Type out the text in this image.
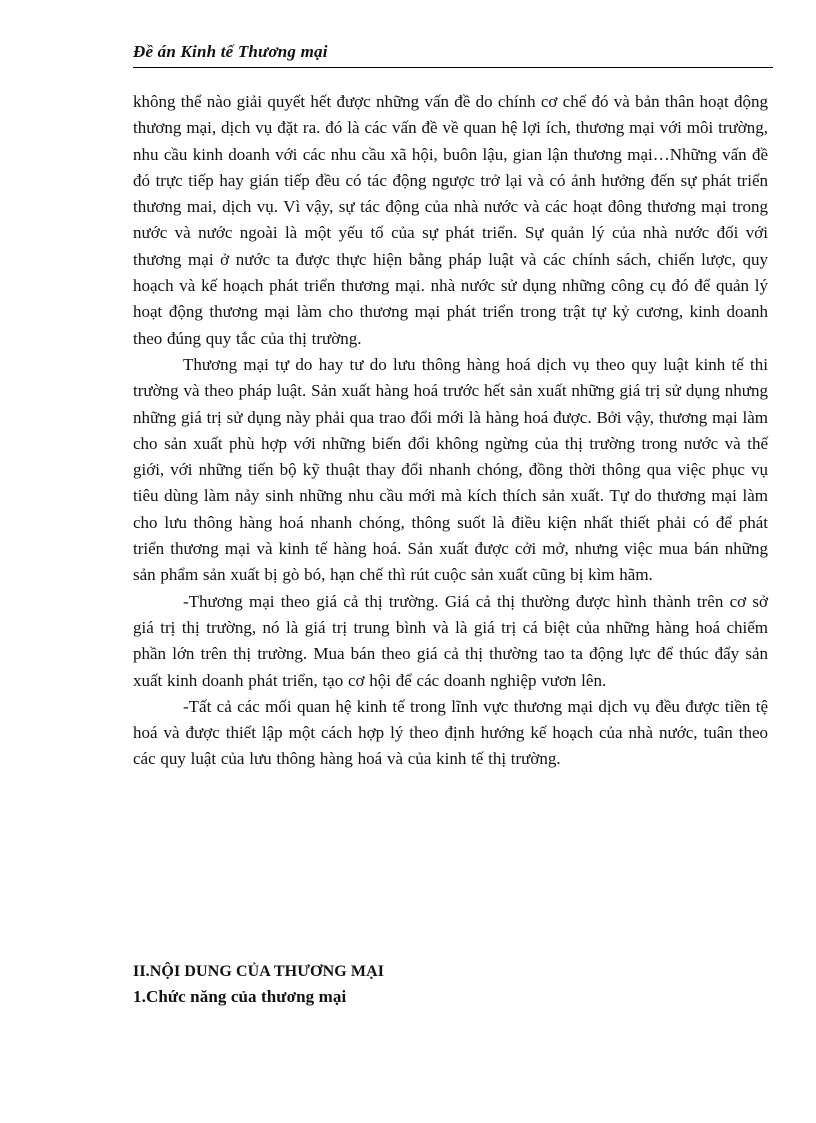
Đề án Kinh tế Thương mại

không thể nào giải quyết hết được những vấn đề do chính cơ chế đó và bản thân hoạt động thương mại, dịch vụ đặt ra. đó là các vấn đề về quan hệ lợi ích, thương mại với môi trường, nhu cầu kinh doanh với các nhu cầu xã hội, buôn lậu, gian lận thương mại…Những vấn đề đó trực tiếp hay gián tiếp đều có tác động ngược trở lại và có ảnh hưởng đến sự phát triển thương mai, dịch vụ. Vì vậy, sự tác động của nhà nước và các hoạt đông thương mại trong nước và nước ngoài là một yếu tố của sự phát triển. Sự quản lý của nhà nước đối với thương mại ở nước ta được thực hiện bằng pháp luật và các chính sách, chiến lược, quy hoạch và kế hoạch phát triển thương mại. nhà nước sử dụng những công cụ đó để quản lý hoạt động thương mại làm cho thương mại phát triển trong trật tự kỷ cương, kinh doanh theo đúng quy tắc của thị trường.

Thương mại tự do hay tư do lưu thông hàng hoá dịch vụ theo quy luật kinh tế thi trường và theo pháp luật. Sản xuất hàng hoá trước hết sản xuất những giá trị sử dụng nhưng những giá trị sử dụng này phải qua trao đổi mới là hàng hoá được. Bởi vậy, thương mại làm cho sản xuất phù hợp với những biến đổi không ngừng của thị trường trong nước và thế giới, với những tiến bộ kỹ thuật thay đổi nhanh chóng, đồng thời thông qua việc phục vụ tiêu dùng làm nảy sinh những nhu cầu mới mà kích thích sản xuất. Tự do thương mại làm cho lưu thông hàng hoá nhanh chóng, thông suốt là điều kiện nhất thiết phải có để phát triển thương mại và kinh tế hàng hoá. Sản xuất được cởi mở, nhưng việc mua bán những sản phẩm sản xuất bị gò bó, hạn chế thì rút cuộc sản xuất cũng bị kìm hãm.

-Thương mại theo giá cả thị trường. Giá cả thị thường được hình thành trên cơ sở giá trị thị trường, nó là giá trị trung bình và là giá trị cá biệt của những hàng hoá chiếm phần lớn trên thị trường. Mua bán theo giá cả thị thường tao ta động lực để thúc đẩy sản xuất kinh doanh phát triển, tạo cơ hội để các doanh nghiệp vươn lên.

-Tất cả các mối quan hệ kinh tế trong lĩnh vực thương mại dịch vụ đều được tiền tệ hoá và được thiết lập một cách hợp lý theo định hướng kế hoạch của nhà nước, tuân theo các quy luật của lưu thông hàng hoá và của kinh tế thị trường.

II.NỘI DUNG CỦA THƯƠNG MẠI
1.Chức năng của thương mại
